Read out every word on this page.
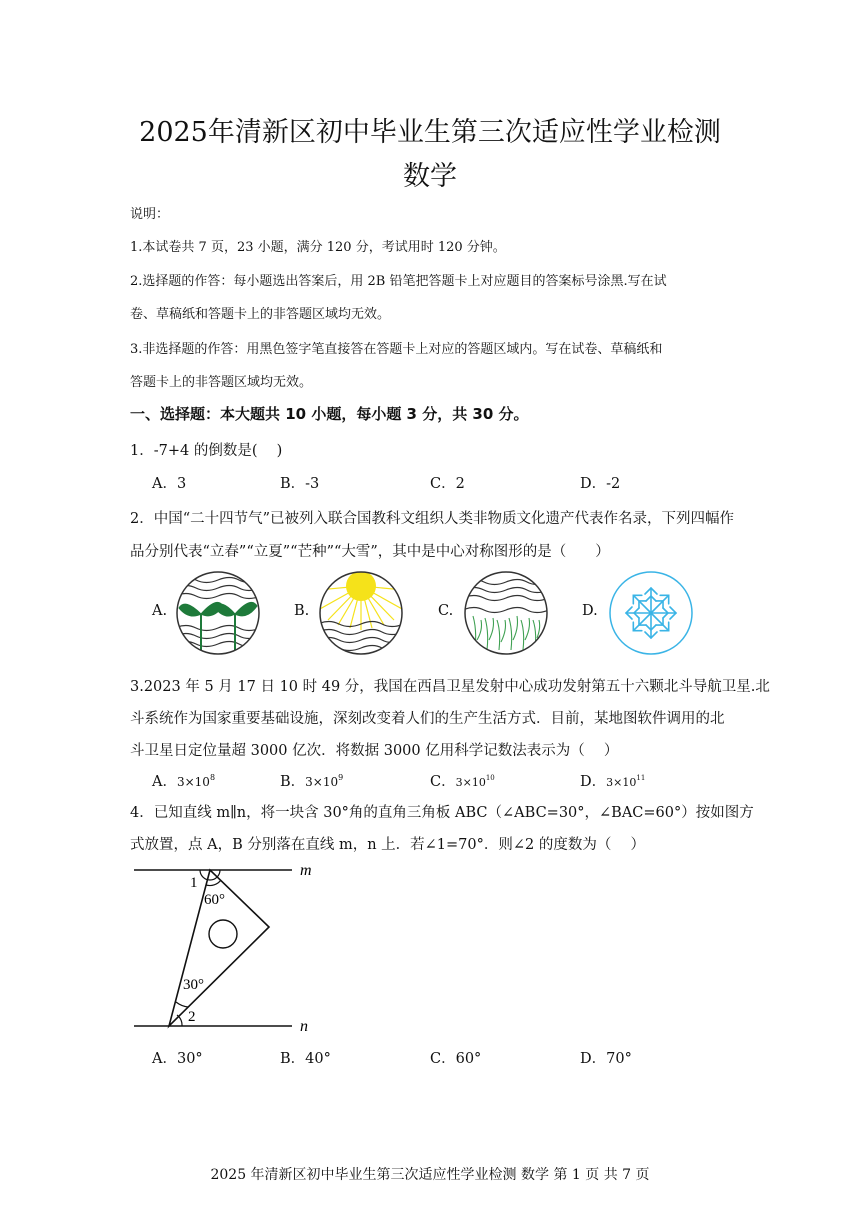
2025年清新区初中毕业生第三次适应性学业检测
数学
说明：
1.本试卷共 7 页，23 小题，满分 120 分，考试用时 120 分钟。
2.选择题的作答：每小题选出答案后，用 2B 铅笔把答题卡上对应题目的答案标号涂黑.写在试
卷、草稿纸和答题卡上的非答题区域均无效。
3.非选择题的作答：用黑色签字笔直接答在答题卡上对应的答题区域内。写在试卷、草稿纸和
答题卡上的非答题区域均无效。
一、选择题：本大题共 10 小题，每小题 3 分，共 30 分。
1．-7+4 的倒数是(　 )
A．3	B．-3	C．2	D．-2
2．中国“二十四节气”已被列入联合国教科文组织人类非物质文化遗产代表作名录，下列四幅作
品分别代表“立春”“立夏”“芒种”“大雪”，其中是中心对称图形的是（　　）
A.	B.	C.	D.
3.2023 年 5 月 17 日 10 时 49 分，我国在西昌卫星发射中心成功发射第五十六颗北斗导航卫星.北
斗系统作为国家重要基础设施，深刻改变着人们的生产生活方式．目前，某地图软件调用的北
斗卫星日定位量超 3000 亿次．将数据 3000 亿用科学记数法表示为（　 ）
A．$3\times 10^8$	B．$3\times 10^9$	C．$3\times 10^{10}$	D．$3\times 10^{11}$
4．已知直线 m∥n，将一块含 30°角的直角三角板 ABC（∠ABC=30°，∠BAC=60°）按如图方
式放置，点 A，B 分别落在直线 m，n 上．若∠1=70°．则∠2 的度数为（　 ）
m
n
1
60°
30°
2
A．30°	B．40°	C．60°	D．70°
2025 年清新区初中毕业生第三次适应性学业检测 数学 第 1 页 共 7 页
